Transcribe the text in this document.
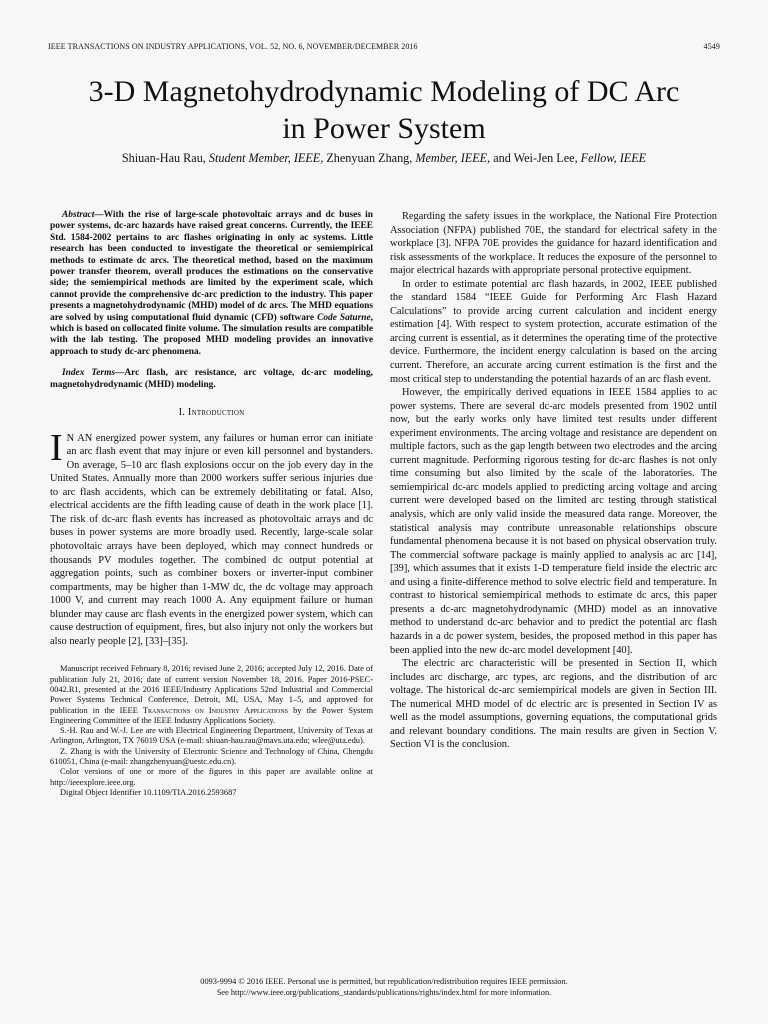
IEEE TRANSACTIONS ON INDUSTRY APPLICATIONS, VOL. 52, NO. 6, NOVEMBER/DECEMBER 2016	4549
3-D Magnetohydrodynamic Modeling of DC Arc
in Power System
Shiuan-Hau Rau, Student Member, IEEE, Zhenyuan Zhang, Member, IEEE, and Wei-Jen Lee, Fellow, IEEE

Abstract—With the rise of large-scale photovoltaic arrays and dc buses in power systems, dc-arc hazards have raised great concerns. Currently, the IEEE Std. 1584-2002 pertains to arc flashes originating in only ac systems. Little research has been conducted to investigate the theoretical or semiempirical methods to estimate dc arcs. The theoretical method, based on the maximum power transfer theorem, overall produces the estimations on the conservative side; the semiempirical methods are limited by the experiment scale, which cannot provide the comprehensive dc-arc prediction to the industry. This paper presents a magnetohydrodynamic (MHD) model of dc arcs. The MHD equations are solved by using computational fluid dynamic (CFD) software Code Saturne, which is based on collocated finite volume. The simulation results are compatible with the lab testing. The proposed MHD modeling provides an innovative approach to study dc-arc phenomena.

Index Terms—Arc flash, arc resistance, arc voltage, dc-arc modeling, magnetohydrodynamic (MHD) modeling.

I. Introduction

I N AN energized power system, any failures or human error can initiate an arc flash event that may injure or even kill personnel and bystanders. On average, 5–10 arc flash explosions occur on the job every day in the United States. Annually more than 2000 workers suffer serious injuries due to arc flash accidents, which can be extremely debilitating or fatal. Also, electrical accidents are the fifth leading cause of death in the work place [1]. The risk of dc-arc flash events has increased as photovoltaic arrays and dc buses in power systems are more broadly used. Recently, large-scale solar photovoltaic arrays have been deployed, which may connect hundreds or thousands PV modules together. The combined dc output potential at aggregation points, such as combiner boxers or inverter-input combiner compartments, may be higher than 1-MW dc, the dc voltage may approach 1000 V, and current may reach 1000 A. Any equipment failure or human blunder may cause arc flash events in the energized power system, which can cause destruction of equipment, fires, but also injury not only the workers but also nearly people [2], [33]–[35].

Manuscript received February 8, 2016; revised June 2, 2016; accepted July 12, 2016. Date of publication July 21, 2016; date of current version November 18, 2016. Paper 2016-PSEC-0042.R1, presented at the 2016 IEEE/Industry Applications 52nd Industrial and Commercial Power Systems Technical Conference, Detroit, MI, USA, May 1–5, and approved for publication in the IEEE Transactions on Industry Applications by the Power System Engineering Committee of the IEEE Industry Applications Society.

S.-H. Rau and W.-J. Lee are with Electrical Engineering Department, University of Texas at Arlington, Arlington, TX 76019 USA (e-mail: shiuan-hau.rau@mavs.uta.edu; wlee@uta.edu).

Z. Zhang is with the University of Electronic Science and Technology of China, Chengdu 610051, China (e-mail: zhangzhenyuan@uestc.edu.cn).

Color versions of one or more of the figures in this paper are available online at http://ieeexplore.ieee.org.

Digital Object Identifier 10.1109/TIA.2016.2593687

Regarding the safety issues in the workplace, the National Fire Protection Association (NFPA) published 70E, the standard for electrical safety in the workplace [3]. NFPA 70E provides the guidance for hazard identification and risk assessments of the workplace. It reduces the exposure of the personnel to major electrical hazards with appropriate personal protective equipment.

In order to estimate potential arc flash hazards, in 2002, IEEE published the standard 1584 “IEEE Guide for Performing Arc Flash Hazard Calculations” to provide arcing current calculation and incident energy estimation [4]. With respect to system protection, accurate estimation of the arcing current is essential, as it determines the operating time of the protective device. Furthermore, the incident energy calculation is based on the arcing current. Therefore, an accurate arcing current estimation is the first and the most critical step to understanding the potential hazards of an arc flash event.

However, the empirically derived equations in IEEE 1584 applies to ac power systems. There are several dc-arc models presented from 1902 until now, but the early works only have limited test results under different experiment environments. The arcing voltage and resistance are dependent on multiple factors, such as the gap length between two electrodes and the arcing current magnitude. Performing rigorous testing for dc-arc flashes is not only time consuming but also limited by the scale of the laboratories. The semiempirical dc-arc models applied to predicting arcing voltage and arcing current were developed based on the limited arc testing through statistical analysis, which are only valid inside the measured data range. Moreover, the statistical analysis may contribute unreasonable relationships obscure fundamental phenomena because it is not based on physical observation truly. The commercial software package is mainly applied to analysis ac arc [14], [39], which assumes that it exists 1-D temperature field inside the electric arc and using a finite-difference method to solve electric field and temperature. In contrast to historical semiempirical methods to estimate dc arcs, this paper presents a dc-arc magnetohydrodynamic (MHD) model as an innovative method to understand dc-arc behavior and to predict the potential arc flash hazards in a dc power system, besides, the proposed method in this paper has been applied into the new dc-arc model development [40].

The electric arc characteristic will be presented in Section II, which includes arc discharge, arc types, arc regions, and the distribution of arc voltage. The historical dc-arc semiempirical models are given in Section III. The numerical MHD model of dc electric arc is presented in Section IV as well as the model assumptions, governing equations, the computational grids and relevant boundary conditions. The main results are given in Section V. Section VI is the conclusion.

0093-9994 © 2016 IEEE. Personal use is permitted, but republication/redistribution requires IEEE permission.
See http://www.ieee.org/publications_standards/publications/rights/index.html for more information.
